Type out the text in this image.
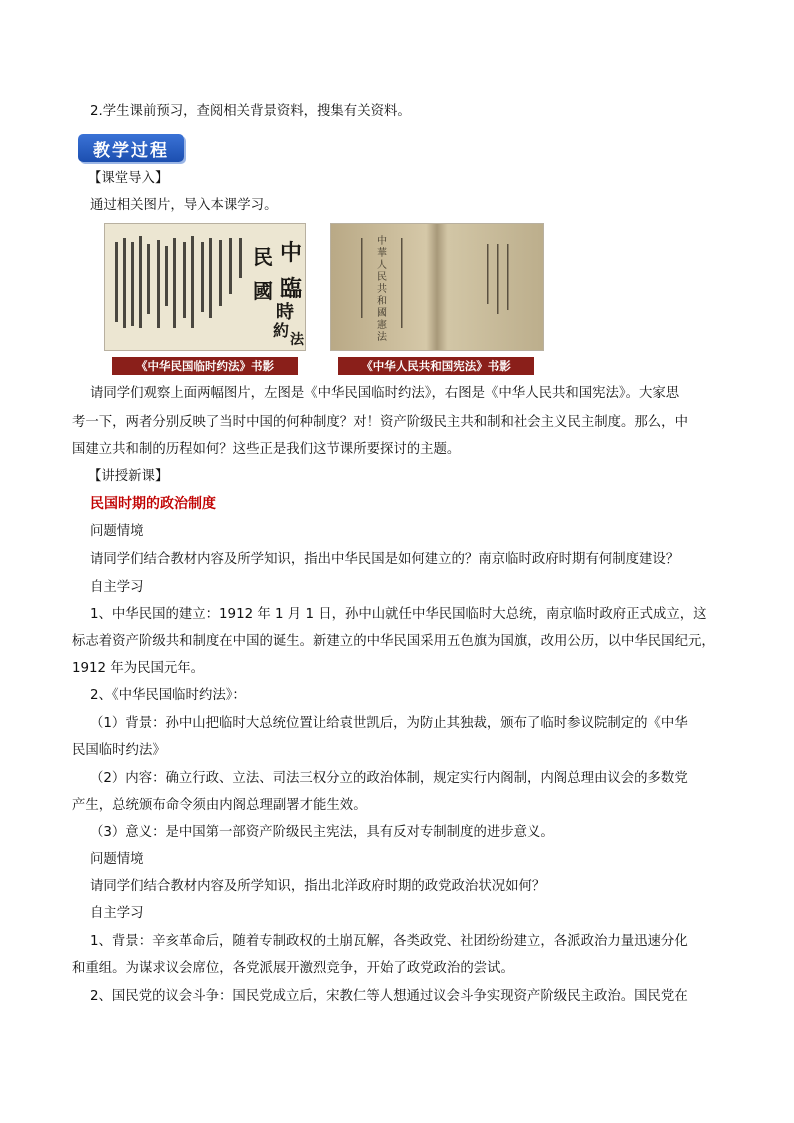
2.学生课前预习，查阅相关背景资料，搜集有关资料。
教学过程
【课堂导入】
通过相关图片，导入本课学习。
中
民
國 臨
時
約 法
中
華
人
民
共
和
國
憲
法
《中华民国临时约法》书影	《中华人民共和国宪法》书影
请同学们观察上面两幅图片，左图是《中华民国临时约法》，右图是《中华人民共和国宪法》。大家思
考一下，两者分别反映了当时中国的何种制度？对！资产阶级民主共和制和社会主义民主制度。那么，中
国建立共和制的历程如何？这些正是我们这节课所要探讨的主题。
【讲授新课】
民国时期的政治制度
问题情境
请同学们结合教材内容及所学知识，指出中华民国是如何建立的？南京临时政府时期有何制度建设？
自主学习
1、中华民国的建立：1912 年 1 月 1 日，孙中山就任中华民国临时大总统，南京临时政府正式成立，这
标志着资产阶级共和制度在中国的诞生。新建立的中华民国采用五色旗为国旗，改用公历，以中华民国纪元，
1912 年为民国元年。
2、《中华民国临时约法》：
（1）背景：孙中山把临时大总统位置让给袁世凯后，为防止其独裁，颁布了临时参议院制定的《中华
民国临时约法》
（2）内容：确立行政、立法、司法三权分立的政治体制，规定实行内阁制，内阁总理由议会的多数党
产生，总统颁布命令须由内阁总理副署才能生效。
（3）意义：是中国第一部资产阶级民主宪法，具有反对专制制度的进步意义。
问题情境
请同学们结合教材内容及所学知识，指出北洋政府时期的政党政治状况如何？
自主学习
1、背景：辛亥革命后，随着专制政权的土崩瓦解，各类政党、社团纷纷建立，各派政治力量迅速分化
和重组。为谋求议会席位，各党派展开激烈竞争，开始了政党政治的尝试。
2、国民党的议会斗争：国民党成立后，宋教仁等人想通过议会斗争实现资产阶级民主政治。国民党在
